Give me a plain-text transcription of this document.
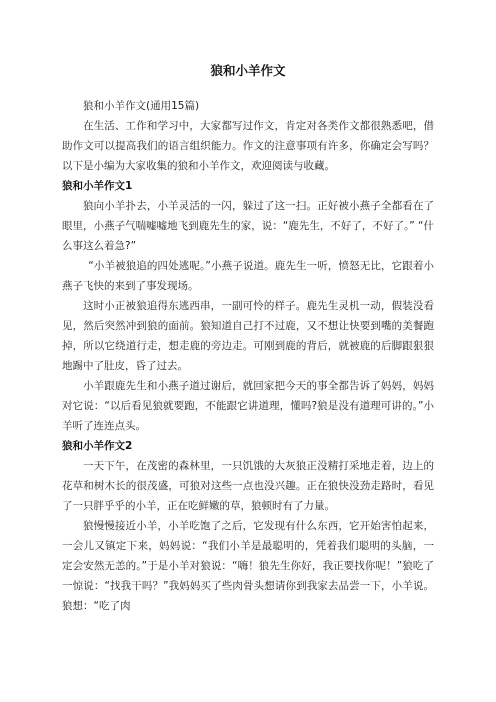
狼和小羊作文

狼和小羊作文(通用15篇)

在生活、工作和学习中，大家都写过作文，肯定对各类作文都很熟悉吧，借助作文可以提高我们的语言组织能力。作文的注意事项有许多，你确定会写吗？以下是小编为大家收集的狼和小羊作文，欢迎阅读与收藏。

狼和小羊作文1

狼向小羊扑去，小羊灵活的一闪，躲过了这一扫。正好被小燕子全都看在了眼里，小燕子气喘嘘嘘地飞到鹿先生的家，说：“鹿先生，不好了，不好了。” “什么事这么着急?”

“小羊被狼追的四处逃呢。”小燕子说道。鹿先生一听，愤怒无比，它跟着小燕子飞快的来到了事发现场。

这时小正被狼追得东逃西串，一副可怜的样子。鹿先生灵机一动，假装没看见，然后突然冲到狼的面前。狼知道自己打不过鹿，又不想让快要到嘴的美餐跑掉，所以它绕道行走，想走鹿的旁边走。可刚到鹿的背后，就被鹿的后脚跟狠狠地踢中了肚皮，昏了过去。

小羊跟鹿先生和小燕子道过谢后，就回家把今天的事全都告诉了妈妈，妈妈对它说：“以后看见狼就要跑，不能跟它讲道理，懂吗?狼是没有道理可讲的。”小羊听了连连点头。

狼和小羊作文2

一天下午，在茂密的森林里，一只饥饿的大灰狼正没精打采地走着，边上的花草和树木长的很茂盛，可狼对这些一点也没兴趣。正在狼快没劲走路时，看见了一只胖乎乎的小羊，正在吃鲜嫩的草，狼顿时有了力量。

狼慢慢接近小羊，小羊吃饱了之后，它发现有什么东西，它开始害怕起来，一会儿又镇定下来，妈妈说：“我们小羊是最聪明的，凭着我们聪明的头脑，一定会安然无恙的。”于是小羊对狼说：“嗨！狼先生你好，我正要找你呢！”狼吃了一惊说：“找我干吗？”我妈妈买了些肉骨头想请你到我家去品尝一下，小羊说。狼想：“吃了肉
